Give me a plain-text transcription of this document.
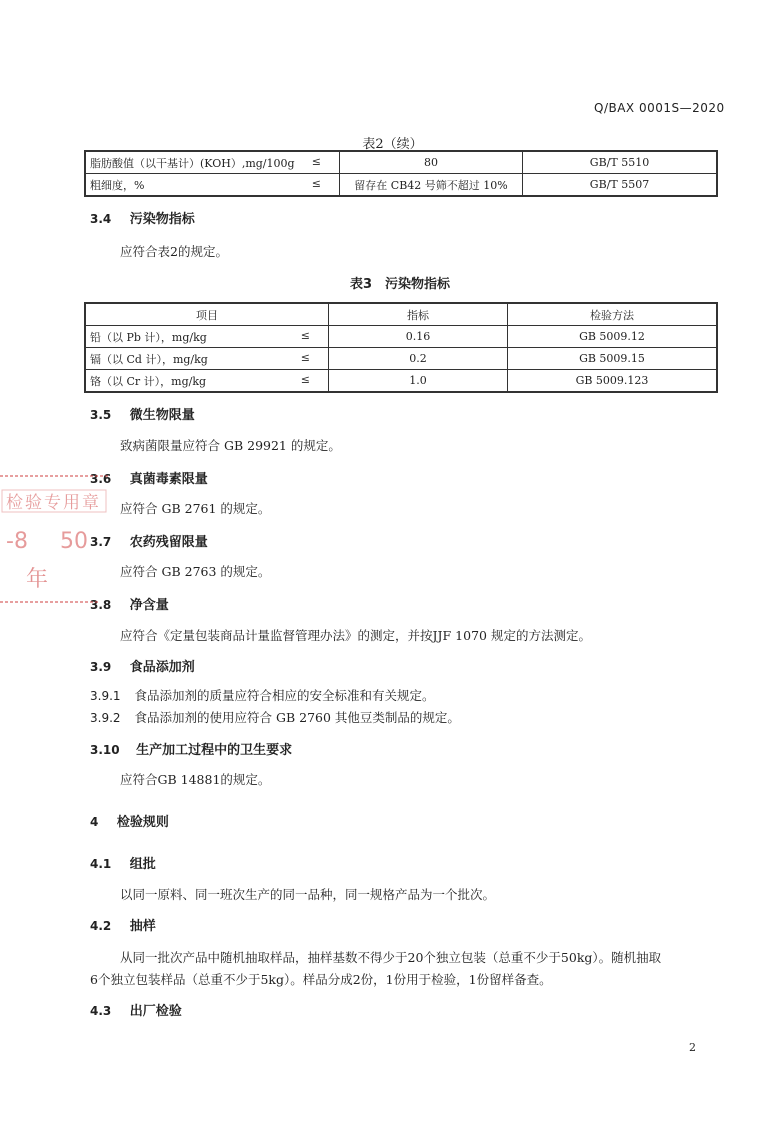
Q/BAX 0001S—2020
表2（续）
脂肪酸值（以干基计）(KOH）,mg/100g ≤	80	GB/T 5510
粗细度，% ≤	留存在 CB42 号筛不超过 10%	GB/T 5507
3.4 污染物指标
应符合表2的规定。
表3　污染物指标
项目	指标	检验方法
铅（以 Pb 计），mg/kg ≤	0.16	GB 5009.12
镉（以 Cd 计），mg/kg ≤	0.2	GB 5009.15
铬（以 Cr 计），mg/kg ≤	1.0	GB 5009.123
3.5 微生物限量
致病菌限量应符合 GB 29921 的规定。
3.6 真菌毒素限量
应符合 GB 2761 的规定。
3.7 农药残留限量
应符合 GB 2763 的规定。
3.8 净含量
应符合《定量包装商品计量监督管理办法》的测定，并按JJF 1070 规定的方法测定。
3.9 食品添加剂
3.9.1 食品添加剂的质量应符合相应的安全标准和有关规定。
3.9.2 食品添加剂的使用应符合 GB 2760 其他豆类制品的规定。
3.10 生产加工过程中的卫生要求
应符合GB 14881的规定。
4 检验规则
4.1 组批
以同一原料、同一班次生产的同一品种，同一规格产品为一个批次。
4.2 抽样
从同一批次产品中随机抽取样品，抽样基数不得少于20个独立包装（总重不少于50kg）。随机抽取
6个独立包装样品（总重不少于5kg）。样品分成2份，1份用于检验，1份留样备查。
4.3 出厂检验
2
检验专用章
-8 50
年
